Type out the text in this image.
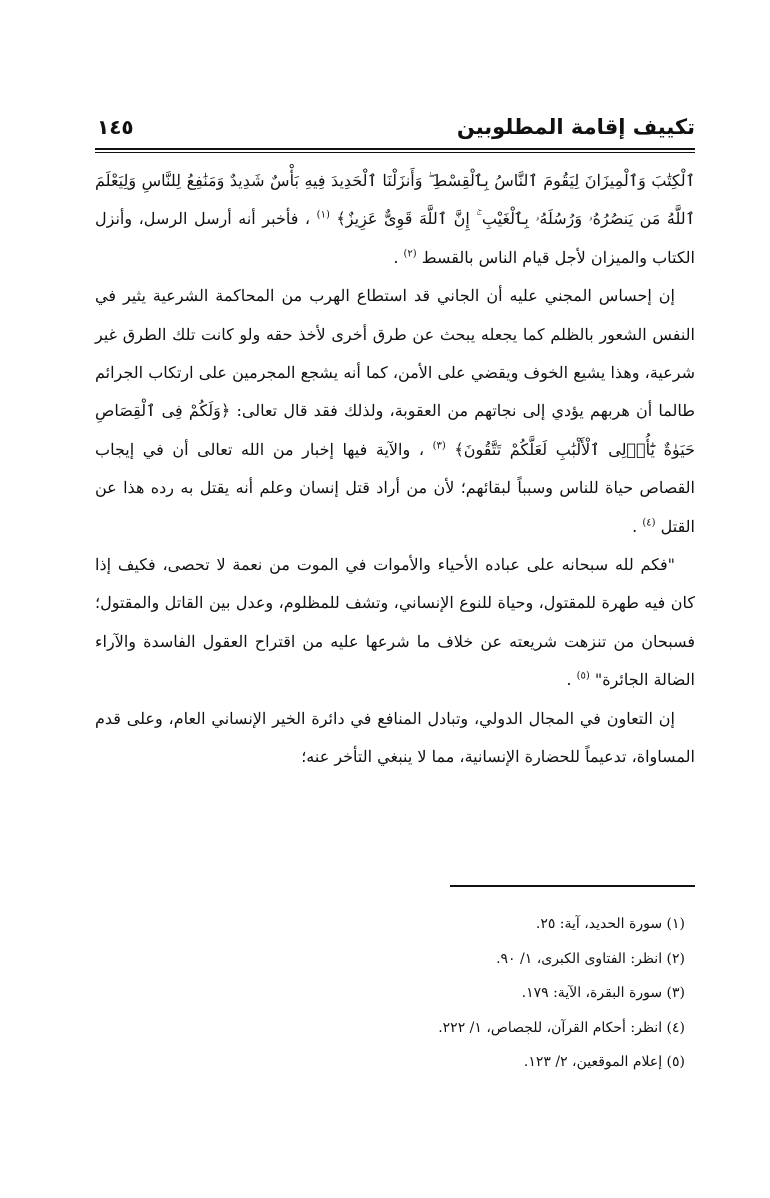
تكييف إقامة المطلوبين
١٤٥

ٱلْكِتَٰبَ وَٱلْمِيزَانَ لِيَقُومَ ٱلنَّاسُ بِٱلْقِسْطِ ۖ وَأَنزَلْنَا ٱلْحَدِيدَ فِيهِ بَأْسٌ شَدِيدٌ وَمَنَٰفِعُ لِلنَّاسِ وَلِيَعْلَمَ ٱللَّهُ مَن يَنصُرُهُۥ وَرُسُلَهُۥ بِٱلْغَيْبِ ۚ إِنَّ ٱللَّهَ قَوِىٌّ عَزِيزٌ﴾ $^{(١)}$ ، فأخبر أنه أرسل الرسل، وأنزل الكتاب والميزان لأجل قيام الناس بالقسط $^{(٢)}$ .

إن إحساس المجني عليه أن الجاني قد استطاع الهرب من المحاكمة الشرعية يثير في النفس الشعور بالظلم كما يجعله يبحث عن طرق أخرى لأخذ حقه ولو كانت تلك الطرق غير شرعية، وهذا يشيع الخوف ويقضي على الأمن، كما أنه يشجع المجرمين على ارتكاب الجرائم طالما أن هربهم يؤدي إلى نجاتهم من العقوبة، ولذلك فقد قال تعالى: ﴿وَلَكُمْ فِى ٱلْقِصَاصِ حَيَوٰةٌ يَٰٓأُو۟لِى ٱلْأَلْبَٰبِ لَعَلَّكُمْ تَتَّقُونَ﴾ $^{(٣)}$ ، والآية فيها إخبار من الله تعالى أن في إيجاب القصاص حياة للناس وسبباً لبقائهم؛ لأن من أراد قتل إنسان وعلم أنه يقتل به رده هذا عن القتل $^{(٤)}$ .

"فكم لله سبحانه على عباده الأحياء والأموات في الموت من نعمة لا تحصى، فكيف إذا كان فيه طهرة للمقتول، وحياة للنوع الإنساني، وتشف للمظلوم، وعدل بين القاتل والمقتول؛ فسبحان من تنزهت شريعته عن خلاف ما شرعها عليه من اقتراح العقول الفاسدة والآراء الضالة الجائرة" $^{(٥)}$ .

إن التعاون في المجال الدولي، وتبادل المنافع في دائرة الخير الإنساني العام، وعلى قدم المساواة، تدعيماً للحضارة الإنسانية، مما لا ينبغي التأخر عنه؛

(١) سورة الحديد، آية: ٢٥.
(٢) انظر: الفتاوى الكبرى، ١/ ٩٠.
(٣) سورة البقرة، الآية: ١٧٩.
(٤) انظر: أحكام القرآن، للجصاص، ١/ ٢٢٢.
(٥) إعلام الموقعين، ٢/ ١٢٣.
